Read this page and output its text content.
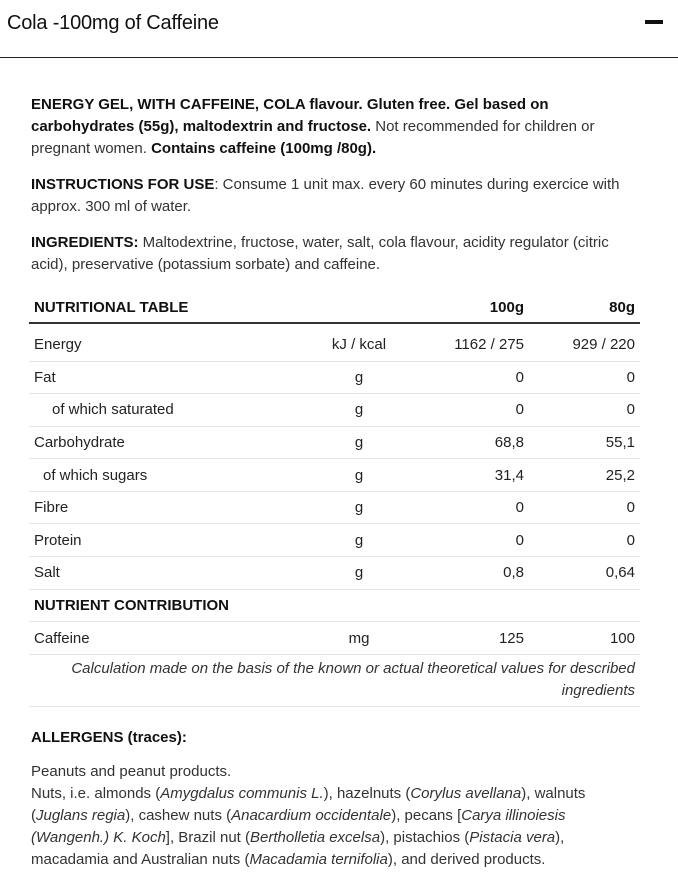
Cola -100mg of Caffeine

ENERGY GEL, WITH CAFFEINE, COLA flavour. Gluten free. Gel based on carbohydrates (55g), maltodextrin and fructose. Not recommended for children or pregnant women. Contains caffeine (100mg /80g).

INSTRUCTIONS FOR USE: Consume 1 unit max. every 60 minutes during exercice with approx. 300 ml of water.

INGREDIENTS: Maltodextrine, fructose, water, salt, cola flavour, acidity regulator (citric acid), preservative (potassium sorbate) and caffeine.

NUTRITIONAL TABLE		100g	80g
Energy	kJ / kcal	1162 / 275	929 / 220
Fat	g	0	0
of which saturated	g	0	0
Carbohydrate	g	68,8	55,1
of which sugars	g	31,4	25,2
Fibre	g	0	0
Protein	g	0	0
Salt	g	0,8	0,64
NUTRIENT CONTRIBUTION			
Caffeine	mg	125	100
Calculation made on the basis of the known or actual theoretical values for described ingredients			
ALLERGENS (traces):
Peanuts and peanut products.
Nuts, i.e. almonds (Amygdalus communis L.), hazelnuts (Corylus avellana), walnuts (Juglans regia), cashew nuts (Anacardium occidentale), pecans [Carya illinoiesis (Wangenh.) K. Koch], Brazil nut (Bertholletia excelsa), pistachios (Pistacia vera), macadamia and Australian nuts (Macadamia ternifolia), and derived products.
